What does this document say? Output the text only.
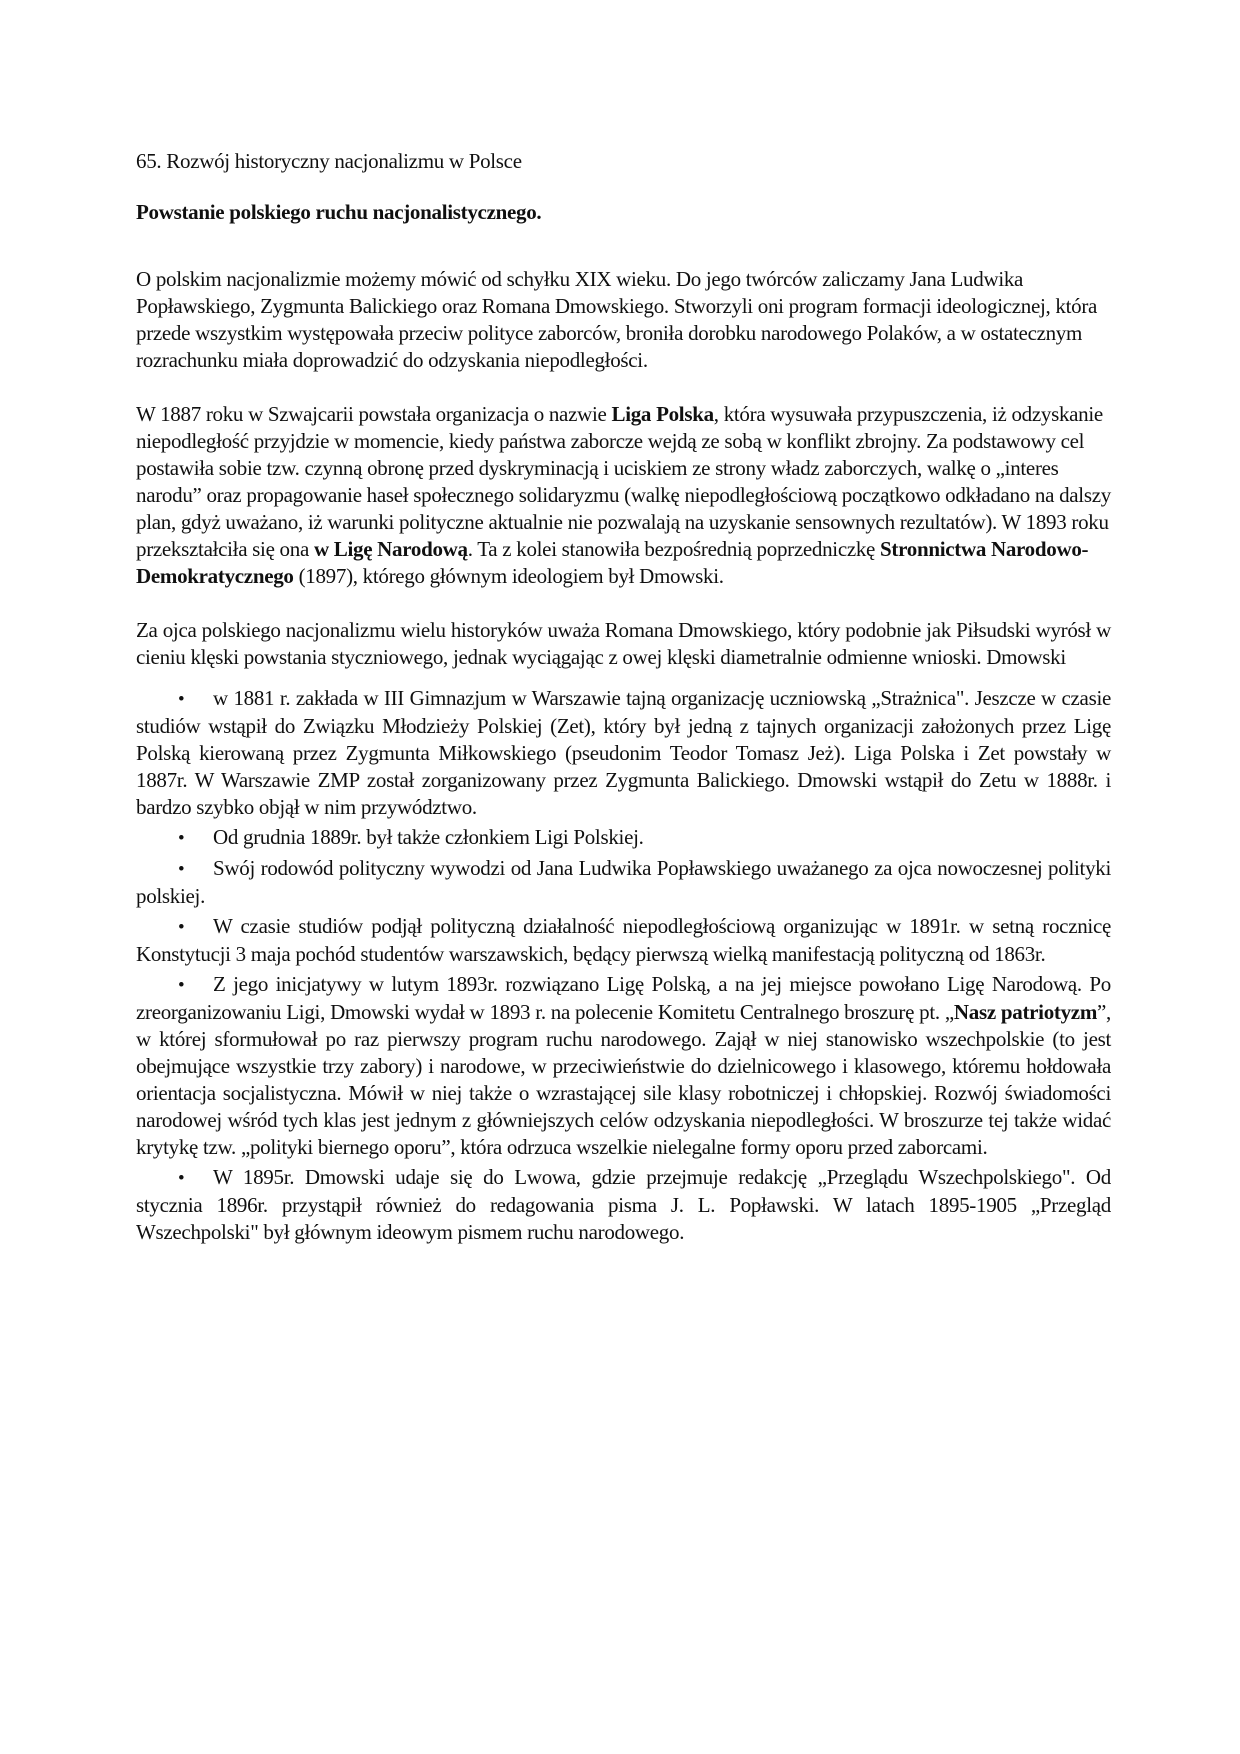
65. Rozwój historyczny nacjonalizmu w Polsce

Powstanie polskiego ruchu nacjonalistycznego.

O polskim nacjonalizmie możemy mówić od schyłku XIX wieku. Do jego twórców zaliczamy Jana Ludwika Popławskiego, Zygmunta Balickiego oraz Romana Dmowskiego. Stworzyli oni program formacji ideologicznej, która przede wszystkim występowała przeciw polityce zaborców, broniła dorobku narodowego Polaków, a w ostatecznym rozrachunku miała doprowadzić do odzyskania niepodległości.

W 1887 roku w Szwajcarii powstała organizacja o nazwie Liga Polska, która wysuwała przypuszczenia, iż odzyskanie niepodległość przyjdzie w momencie, kiedy państwa zaborcze wejdą ze sobą w konflikt zbrojny. Za podstawowy cel postawiła sobie tzw. czynną obronę przed dyskryminacją i uciskiem ze strony władz zaborczych, walkę o „interes narodu” oraz propagowanie haseł społecznego solidaryzmu (walkę niepodległościową początkowo odkładano na dalszy plan, gdyż uważano, iż warunki polityczne aktualnie nie pozwalają na uzyskanie sensownych rezultatów). W 1893 roku przekształciła się ona w Ligę Narodową. Ta z kolei stanowiła bezpośrednią poprzedniczkę Stronnictwa Narodowo-Demokratycznego (1897), którego głównym ideologiem był Dmowski.

Za ojca polskiego nacjonalizmu wielu historyków uważa Romana Dmowskiego, który podobnie jak Piłsudski wyrósł w cieniu klęski powstania styczniowego, jednak wyciągając z owej klęski diametralnie odmienne wnioski. Dmowski

• w 1881 r. zakłada w III Gimnazjum w Warszawie tajną organizację uczniowską „Strażnica". Jeszcze w czasie studiów wstąpił do Związku Młodzieży Polskiej (Zet), który był jedną z tajnych organizacji założonych przez Ligę Polską kierowaną przez Zygmunta Miłkowskiego (pseudonim Teodor Tomasz Jeż). Liga Polska i Zet powstały w 1887r. W Warszawie ZMP został zorganizowany przez Zygmunta Balickiego. Dmowski wstąpił do Zetu w 1888r. i bardzo szybko objął w nim przywództwo.

• Od grudnia 1889r. był także członkiem Ligi Polskiej.

• Swój rodowód polityczny wywodzi od Jana Ludwika Popławskiego uważanego za ojca nowoczesnej polityki polskiej.

• W czasie studiów podjął polityczną działalność niepodległościową organizując w 1891r. w setną rocznicę Konstytucji 3 maja pochód studentów warszawskich, będący pierwszą wielką manifestacją polityczną od 1863r.

• Z jego inicjatywy w lutym 1893r. rozwiązano Ligę Polską, a na jej miejsce powołano Ligę Narodową. Po zreorganizowaniu Ligi, Dmowski wydał w 1893 r. na polecenie Komitetu Centralnego broszurę pt. „Nasz patriotyzm”, w której sformułował po raz pierwszy program ruchu narodowego. Zajął w niej stanowisko wszechpolskie (to jest obejmujące wszystkie trzy zabory) i narodowe, w przeciwieństwie do dzielnicowego i klasowego, któremu hołdowała orientacja socjalistyczna. Mówił w niej także o wzrastającej sile klasy robotniczej i chłopskiej. Rozwój świadomości narodowej wśród tych klas jest jednym z główniejszych celów odzyskania niepodległości. W broszurze tej także widać krytykę tzw. „polityki biernego oporu”, która odrzuca wszelkie nielegalne formy oporu przed zaborcami.

• W 1895r. Dmowski udaje się do Lwowa, gdzie przejmuje redakcję „Przeglądu Wszechpolskiego". Od stycznia 1896r. przystąpił również do redagowania pisma J. L. Popławski. W latach 1895-1905 „Przegląd Wszechpolski" był głównym ideowym pismem ruchu narodowego.
